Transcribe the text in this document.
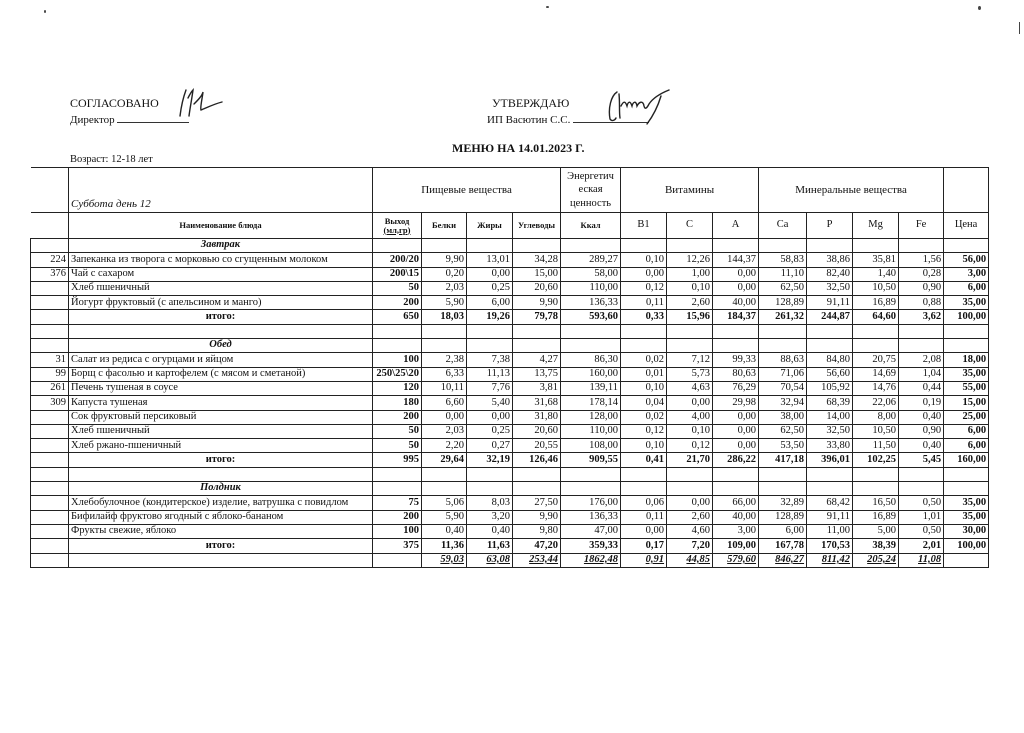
СОГЛАСОВАНО
Директор
УТВЕРЖДАЮ
ИП Васютин С.С.
МЕНЮ НА 14.01.2023 Г.
Возраст: 12-18 лет
	Суббота день 12	Пищевые вещества				Энергетич
еская
ценность	Витамины			Минеральные вещества				
	Наименование блюда	Выход
(мл,гр)	Белки	Жиры	Углеводы	Ккал	B1	C	A	Ca	P	Mg	Fe	Цена
	Завтрак													
224	Запеканка из творога с морковью со сгущенным молоком	200/20	9,90	13,01	34,28	289,27	0,10	12,26	144,37	58,83	38,86	35,81	1,56	56,00
376	Чай с сахаром	200\15	0,20	0,00	15,00	58,00	0,00	1,00	0,00	11,10	82,40	1,40	0,28	3,00
	Хлеб пшеничный	50	2,03	0,25	20,60	110,00	0,12	0,10	0,00	62,50	32,50	10,50	0,90	6,00
	Йогурт фруктовый (с апельсином и манго)	200	5,90	6,00	9,90	136,33	0,11	2,60	40,00	128,89	91,11	16,89	0,88	35,00
	итого:	650	18,03	19,26	79,78	593,60	0,33	15,96	184,37	261,32	244,87	64,60	3,62	100,00

	Обед													
31	Салат из редиса с огурцами и яйцом	100	2,38	7,38	4,27	86,30	0,02	7,12	99,33	88,63	84,80	20,75	2,08	18,00
99	Борщ с фасолью и картофелем (с мясом и сметаной)	250\25\20	6,33	11,13	13,75	160,00	0,01	5,73	80,63	71,06	56,60	14,69	1,04	35,00
261	Печень тушеная в соусе	120	10,11	7,76	3,81	139,11	0,10	4,63	76,29	70,54	105,92	14,76	0,44	55,00
309	Капуста тушеная	180	6,60	5,40	31,68	178,14	0,04	0,00	29,98	32,94	68,39	22,06	0,19	15,00
	Сок фруктовый персиковый	200	0,00	0,00	31,80	128,00	0,02	4,00	0,00	38,00	14,00	8,00	0,40	25,00
	Хлеб пшеничный	50	2,03	0,25	20,60	110,00	0,12	0,10	0,00	62,50	32,50	10,50	0,90	6,00
	Хлеб ржано-пшеничный	50	2,20	0,27	20,55	108,00	0,10	0,12	0,00	53,50	33,80	11,50	0,40	6,00
	итого:	995	29,64	32,19	126,46	909,55	0,41	21,70	286,22	417,18	396,01	102,25	5,45	160,00

	Полдник													
	Хлебобулочное (кондитерское) изделие, ватрушка с повидлом	75	5,06	8,03	27,50	176,00	0,06	0,00	66,00	32,89	68,42	16,50	0,50	35,00
	Бифилайф фруктово ягодный с яблоко-бананом	200	5,90	3,20	9,90	136,33	0,11	2,60	40,00	128,89	91,11	16,89	1,01	35,00
	Фрукты свежие, яблоко	100	0,40	0,40	9,80	47,00	0,00	4,60	3,00	6,00	11,00	5,00	0,50	30,00
	итого:	375	11,36	11,63	47,20	359,33	0,17	7,20	109,00	167,78	170,53	38,39	2,01	100,00
			59,03	63,08	253,44	1862,48	0,91	44,85	579,60	846,27	811,42	205,24	11,08	
